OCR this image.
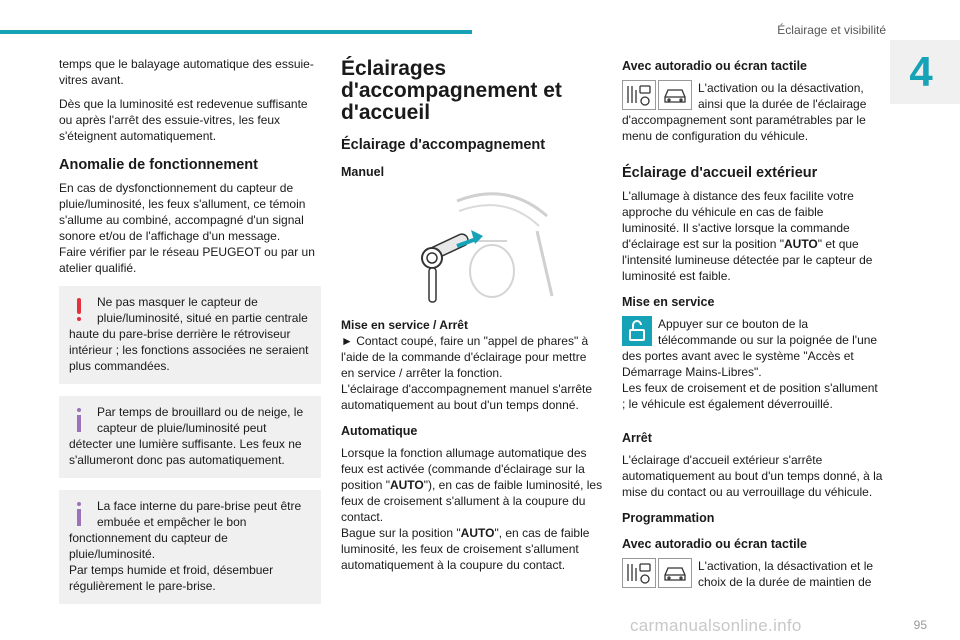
Éclairage et visibilité
4

temps que le balayage automatique des essuie-vitres avant.

Dès que la luminosité est redevenue suffisante ou après l'arrêt des essuie-vitres, les feux s'éteignent automatiquement.

Anomalie de fonctionnement

En cas de dysfonctionnement du capteur de pluie/luminosité, les feux s'allument, ce témoin s'allume au combiné, accompagné d'un signal sonore et/ou de l'affichage d'un message.

Faire vérifier par le réseau PEUGEOT ou par un atelier qualifié.

Ne pas masquer le capteur de pluie/luminosité, situé en partie centrale haute du pare-brise derrière le rétroviseur intérieur ; les fonctions associées ne seraient plus commandées.
Par temps de brouillard ou de neige, le capteur de pluie/luminosité peut détecter une lumière suffisante. Les feux ne s'allumeront donc pas automatiquement.
La face interne du pare-brise peut être embuée et empêcher le bon fonctionnement du capteur de pluie/luminosité.
Par temps humide et froid, désembuer régulièrement le pare-brise.
Éclairages d'accompagnement et d'accueil
Éclairage d'accompagnement
Manuel

Mise en service / Arrêt

► Contact coupé, faire un "appel de phares" à l'aide de la commande d'éclairage pour mettre en service / arrêter la fonction.

L'éclairage d'accompagnement manuel s'arrête automatiquement au bout d'un temps donné.

Automatique

Lorsque la fonction allumage automatique des feux est activée (commande d'éclairage sur la position "AUTO"), en cas de faible luminosité, les feux de croisement s'allument à la coupure du contact.

Bague sur la position "AUTO", en cas de faible luminosité, les feux de croisement s'allument automatiquement à la coupure du contact.

Avec autoradio ou écran tactile

L'activation ou la désactivation, ainsi que la durée de l'éclairage d'accompagnement sont paramétrables par le menu de configuration du véhicule.

Éclairage d'accueil extérieur

L'allumage à distance des feux facilite votre approche du véhicule en cas de faible luminosité. Il s'active lorsque la commande d'éclairage est sur la position "AUTO" et que l'intensité lumineuse détectée par le capteur de luminosité est faible.

Mise en service

Appuyer sur ce bouton de la télécommande ou sur la poignée de l'une des portes avant avec le système "Accès et Démarrage Mains-Libres".

Les feux de croisement et de position s'allument ; le véhicule est également déverrouillé.

Arrêt

L'éclairage d'accueil extérieur s'arrête automatiquement au bout d'un temps donné, à la mise du contact ou au verrouillage du véhicule.

Programmation
Avec autoradio ou écran tactile

L'activation, la désactivation et le choix de la durée de maintien de

carmanualsonline.info	95
